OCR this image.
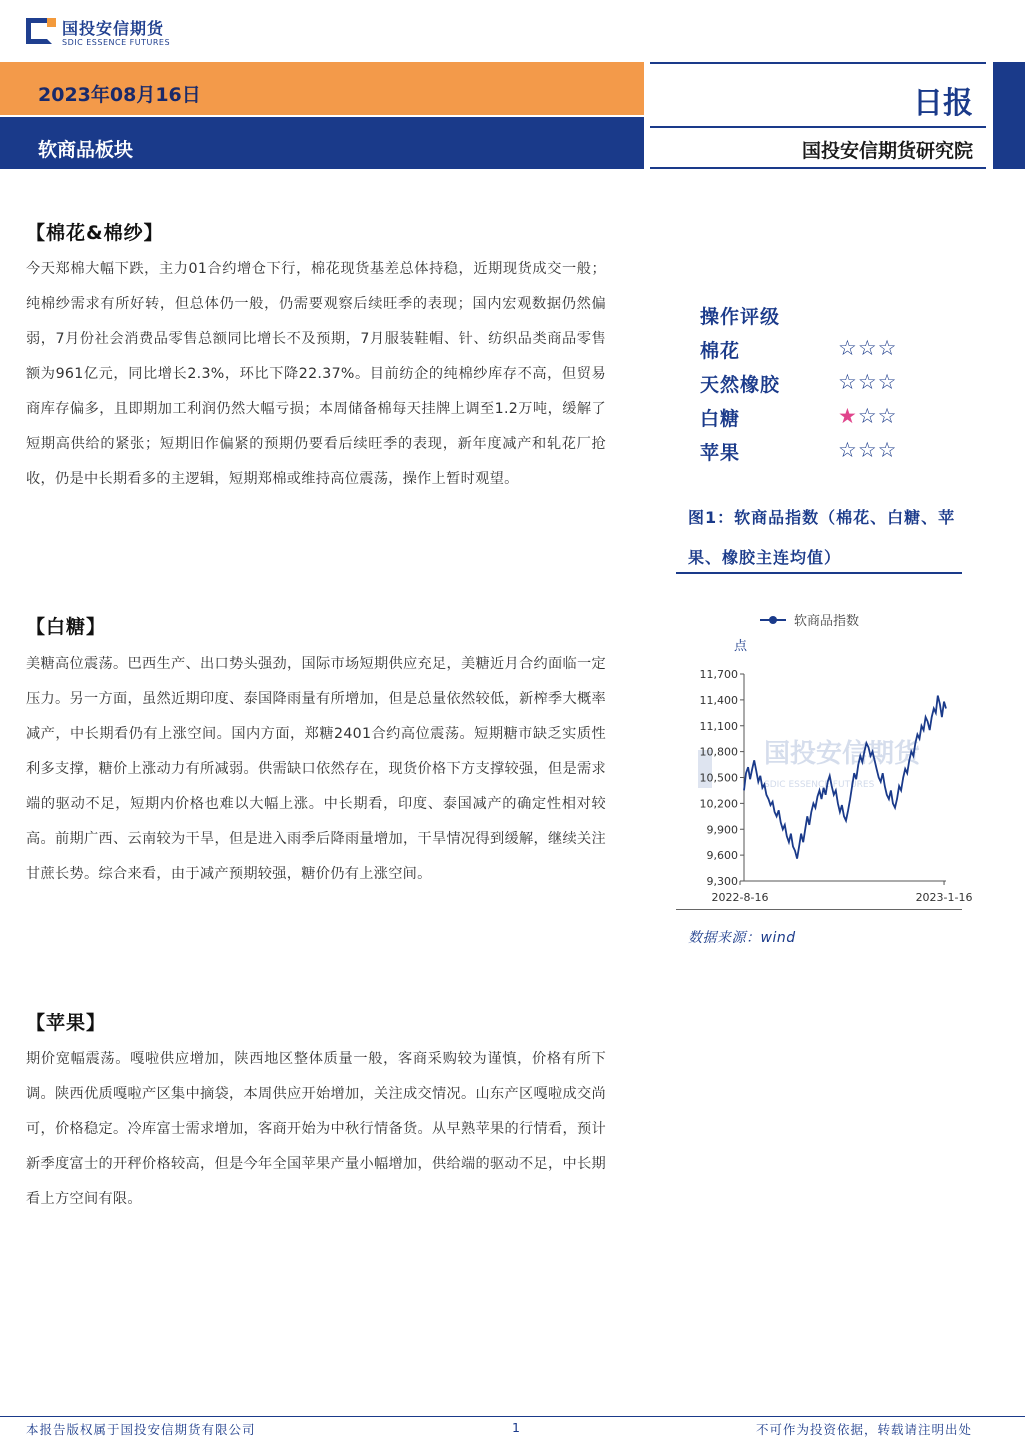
国投安信期货
SDIC ESSENCE FUTURES
2023年08月16日
软商品板块
日报
国投安信期货研究院
【棉花&棉纱】
今天郑棉大幅下跌，主力01合约增仓下行，棉花现货基差总体持稳，近期现货成交一般；纯棉纱需求有所好转，但总体仍一般，仍需要观察后续旺季的表现；国内宏观数据仍然偏弱，7月份社会消费品零售总额同比增长不及预期，7月服装鞋帽、针、纺织品类商品零售额为961亿元，同比增长2.3%，环比下降22.37%。目前纺企的纯棉纱库存不高，但贸易商库存偏多，且即期加工利润仍然大幅亏损；本周储备棉每天挂牌上调至1.2万吨，缓解了短期高供给的紧张；短期旧作偏紧的预期仍要看后续旺季的表现，新年度减产和轧花厂抢收，仍是中长期看多的主逻辑，短期郑棉或维持高位震荡，操作上暂时观望。
【白糖】
美糖高位震荡。巴西生产、出口势头强劲，国际市场短期供应充足，美糖近月合约面临一定压力。另一方面，虽然近期印度、泰国降雨量有所增加，但是总量依然较低，新榨季大概率减产，中长期看仍有上涨空间。国内方面，郑糖2401合约高位震荡。短期糖市缺乏实质性利多支撑，糖价上涨动力有所减弱。供需缺口依然存在，现货价格下方支撑较强，但是需求端的驱动不足，短期内价格也难以大幅上涨。中长期看，印度、泰国减产的确定性相对较高。前期广西、云南较为干旱，但是进入雨季后降雨量增加，干旱情况得到缓解，继续关注甘蔗长势。综合来看，由于减产预期较强，糖价仍有上涨空间。
【苹果】
期价宽幅震荡。嘎啦供应增加，陕西地区整体质量一般，客商采购较为谨慎，价格有所下调。陕西优质嘎啦产区集中摘袋，本周供应开始增加，关注成交情况。山东产区嘎啦成交尚可，价格稳定。冷库富士需求增加，客商开始为中秋行情备货。从早熟苹果的行情看，预计新季度富士的开秤价格较高，但是今年全国苹果产量小幅增加，供给端的驱动不足，中长期看上方空间有限。
操作评级
棉花	☆☆☆
天然橡胶	☆☆☆
白糖	★☆☆
苹果	☆☆☆
图1：软商品指数（棉花、白糖、苹果、橡胶主连均值）
软商品指数
点
国投安信期货
SDIC ESSENCE FUTURES
11,700
11,400
11,100
10,800
10,500
10,200
9,900
9,600
9,300
2022-8-16	2023-1-16
数据来源：wind
本报告版权属于国投安信期货有限公司	1	不可作为投资依据，转载请注明出处
